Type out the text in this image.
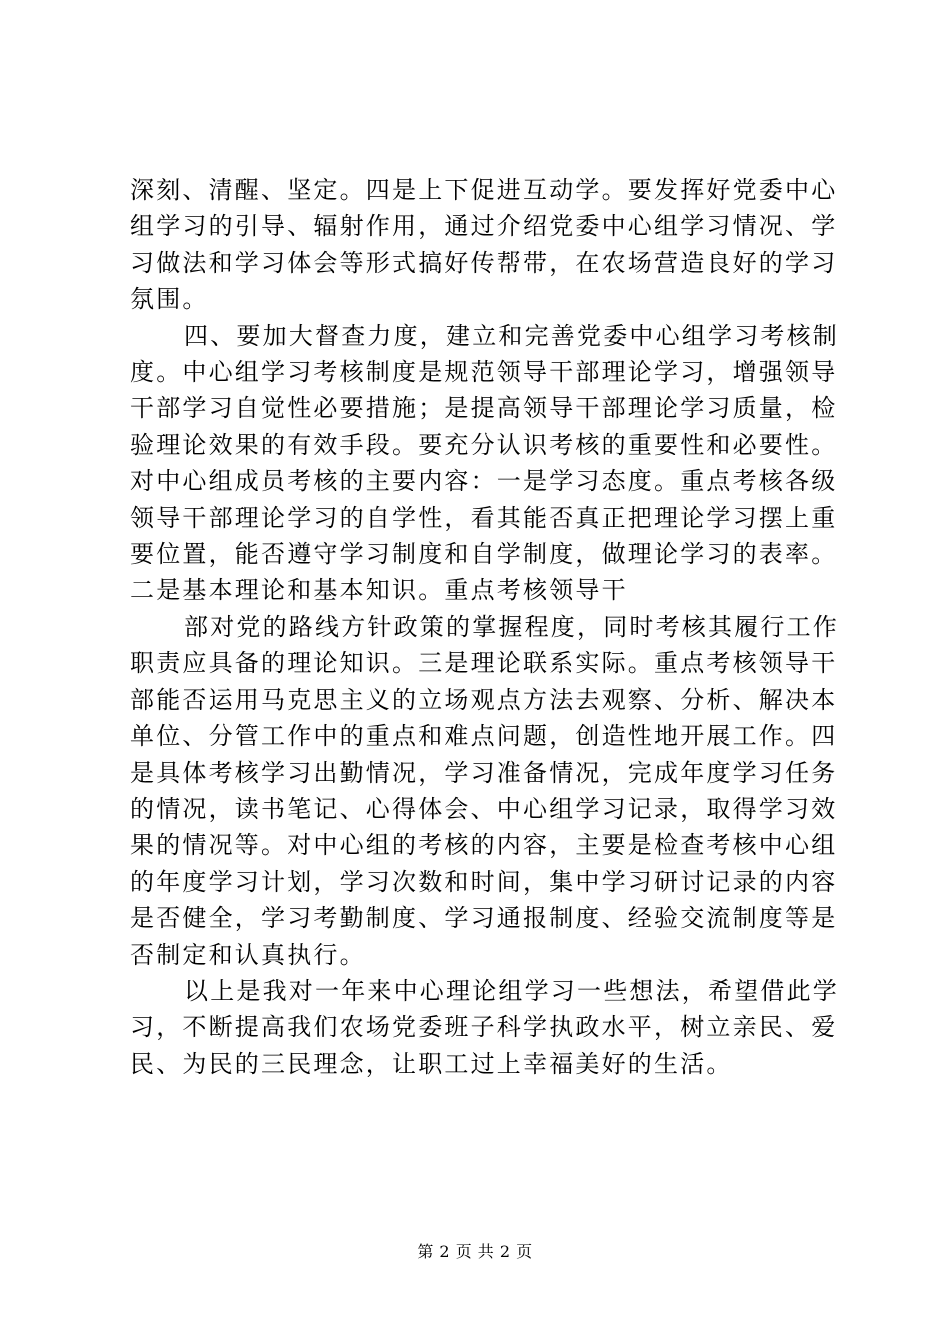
深刻、清醒、坚定。四是上下促进互动学。要发挥好党委中心
组学习的引导、辐射作用，通过介绍党委中心组学习情况、学
习做法和学习体会等形式搞好传帮带，在农场营造良好的学习
氛围。
四、要加大督查力度，建立和完善党委中心组学习考核制
度。中心组学习考核制度是规范领导干部理论学习，增强领导
干部学习自觉性必要措施；是提高领导干部理论学习质量，检
验理论效果的有效手段。要充分认识考核的重要性和必要性。
对中心组成员考核的主要内容：一是学习态度。重点考核各级
领导干部理论学习的自学性，看其能否真正把理论学习摆上重
要位置，能否遵守学习制度和自学制度，做理论学习的表率。
二是基本理论和基本知识。重点考核领导干
部对党的路线方针政策的掌握程度，同时考核其履行工作
职责应具备的理论知识。三是理论联系实际。重点考核领导干
部能否运用马克思主义的立场观点方法去观察、分析、解决本
单位、分管工作中的重点和难点问题，创造性地开展工作。四
是具体考核学习出勤情况，学习准备情况，完成年度学习任务
的情况，读书笔记、心得体会、中心组学习记录，取得学习效
果的情况等。对中心组的考核的内容，主要是检查考核中心组
的年度学习计划，学习次数和时间，集中学习研讨记录的内容
是否健全，学习考勤制度、学习通报制度、经验交流制度等是
否制定和认真执行。
以上是我对一年来中心理论组学习一些想法，希望借此学
习，不断提高我们农场党委班子科学执政水平，树立亲民、爱
民、为民的三民理念，让职工过上幸福美好的生活。
第 2 页 共 2 页
